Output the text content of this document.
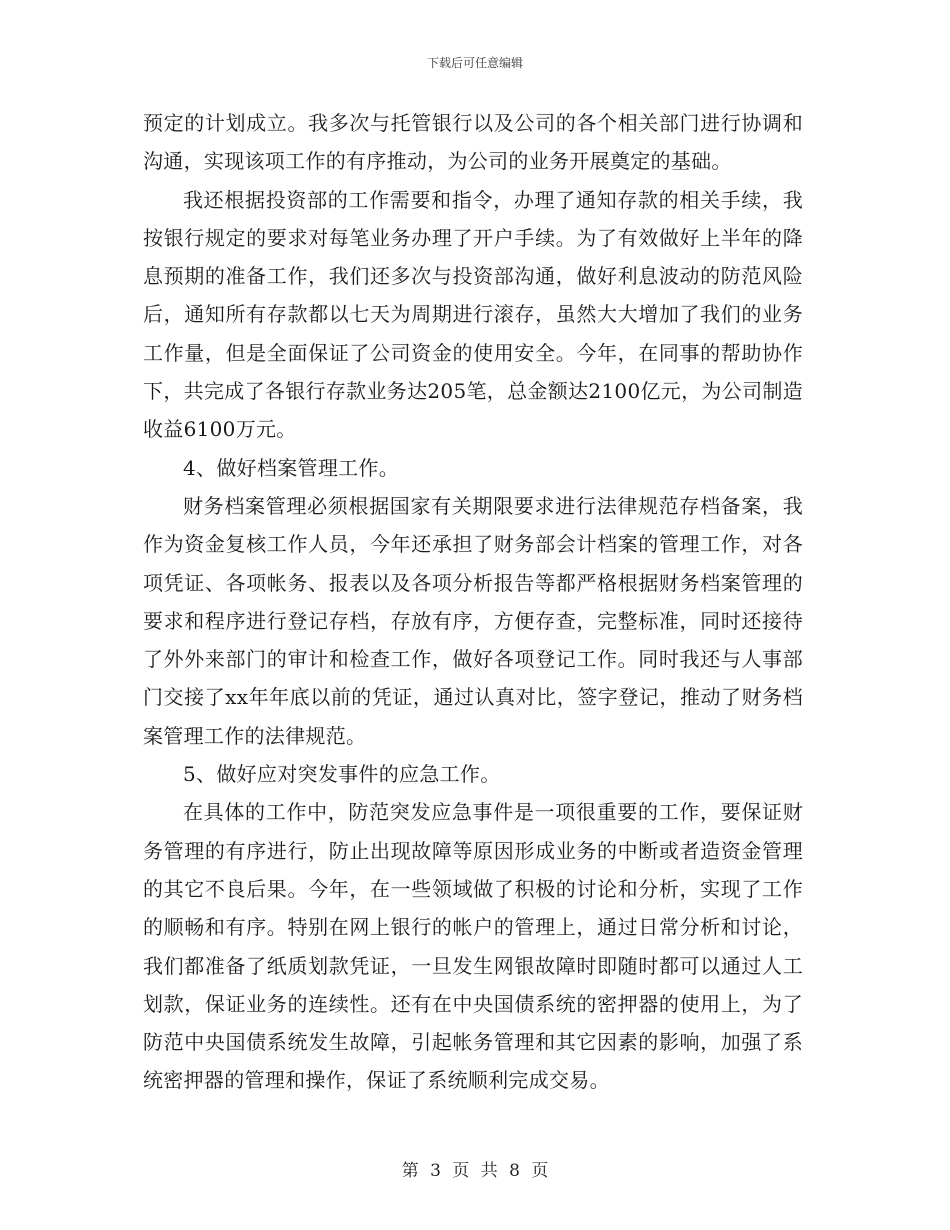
下载后可任意编辑

预定的计划成立。我多次与托管银行以及公司的各个相关部门进行协调和沟通，实现该项工作的有序推动，为公司的业务开展奠定的基础。

我还根据投资部的工作需要和指令，办理了通知存款的相关手续，我按银行规定的要求对每笔业务办理了开户手续。为了有效做好上半年的降息预期的准备工作，我们还多次与投资部沟通，做好利息波动的防范风险后，通知所有存款都以七天为周期进行滚存，虽然大大增加了我们的业务工作量，但是全面保证了公司资金的使用安全。今年，在同事的帮助协作下，共完成了各银行存款业务达205笔，总金额达2100亿元，为公司制造收益6100万元。

4、做好档案管理工作。

财务档案管理必须根据国家有关期限要求进行法律规范存档备案，我作为资金复核工作人员，今年还承担了财务部会计档案的管理工作，对各项凭证、各项帐务、报表以及各项分析报告等都严格根据财务档案管理的要求和程序进行登记存档，存放有序，方便存查，完整标准，同时还接待了外外来部门的审计和检查工作，做好各项登记工作。同时我还与人事部门交接了xx年年底以前的凭证，通过认真对比，签字登记，推动了财务档案管理工作的法律规范。

5、做好应对突发事件的应急工作。

在具体的工作中，防范突发应急事件是一项很重要的工作，要保证财务管理的有序进行，防止出现故障等原因形成业务的中断或者造资金管理的其它不良后果。今年，在一些领域做了积极的讨论和分析，实现了工作的顺畅和有序。特别在网上银行的帐户的管理上，通过日常分析和讨论，我们都准备了纸质划款凭证，一旦发生网银故障时即随时都可以通过人工划款，保证业务的连续性。还有在中央国债系统的密押器的使用上，为了防范中央国债系统发生故障，引起帐务管理和其它因素的影响，加强了系统密押器的管理和操作，保证了系统顺利完成交易。

第 3 页 共 8 页
